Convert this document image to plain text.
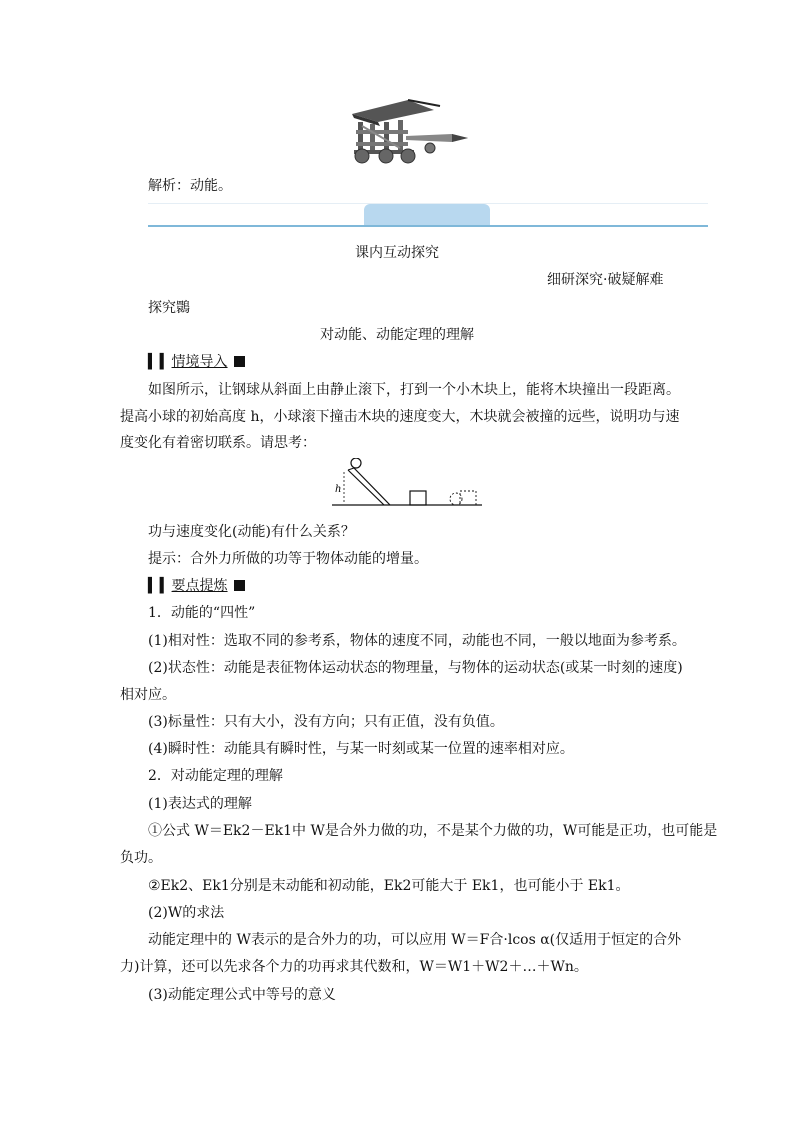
解析：动能。
课内互动探究
细研深究·破疑解难
探究䴉
对动能、动能定理的理解
▍▍情境导入
如图所示，让钢球从斜面上由静止滚下，打到一个小木块上，能将木块撞出一段距离。
提高小球的初始高度 h，小球滚下撞击木块的速度变大，木块就会被撞的远些，说明功与速
度变化有着密切联系。请思考：
h
功与速度变化(动能)有什么关系？
提示：合外力所做的功等于物体动能的增量。
▍▍要点提炼
1．动能的“四性”
(1)相对性：选取不同的参考系，物体的速度不同，动能也不同，一般以地面为参考系。
(2)状态性：动能是表征物体运动状态的物理量，与物体的运动状态(或某一时刻的速度)
相对应。
(3)标量性：只有大小，没有方向；只有正值，没有负值。
(4)瞬时性：动能具有瞬时性，与某一时刻或某一位置的速率相对应。
2．对动能定理的理解
(1)表达式的理解
①公式 W＝Ek2－Ek1中 W是合外力做的功，不是某个力做的功，W可能是正功，也可能是
负功。
②Ek2、Ek1分别是末动能和初动能，Ek2可能大于 Ek1，也可能小于 Ek1。
(2)W的求法
动能定理中的 W表示的是合外力的功，可以应用 W＝F合·lcos α(仅适用于恒定的合外
力)计算，还可以先求各个力的功再求其代数和，W＝W1＋W2＋…＋Wn。
(3)动能定理公式中等号的意义
